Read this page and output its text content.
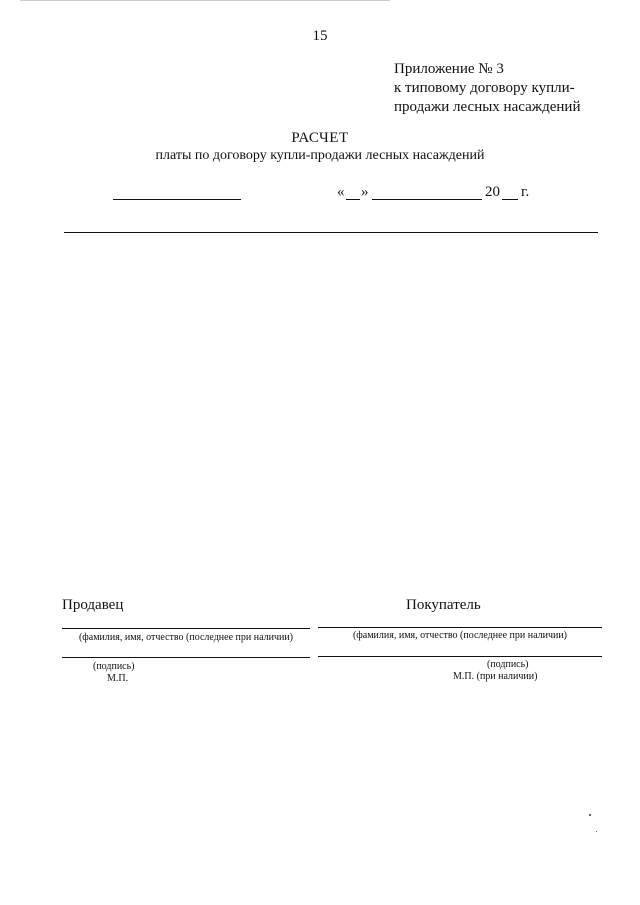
15
Приложение № 3
к типовому договору купли-
продажи лесных насаждений
РАСЧЕТ
платы по договору купли-продажи лесных насаждений
« »	20 г.
Продавец
(фамилия, имя, отчество (последнее при наличии)
(подпись)
М.П.
Покупатель
(фамилия, имя, отчество (последнее при наличии)
(подпись)
М.П. (при наличии)
